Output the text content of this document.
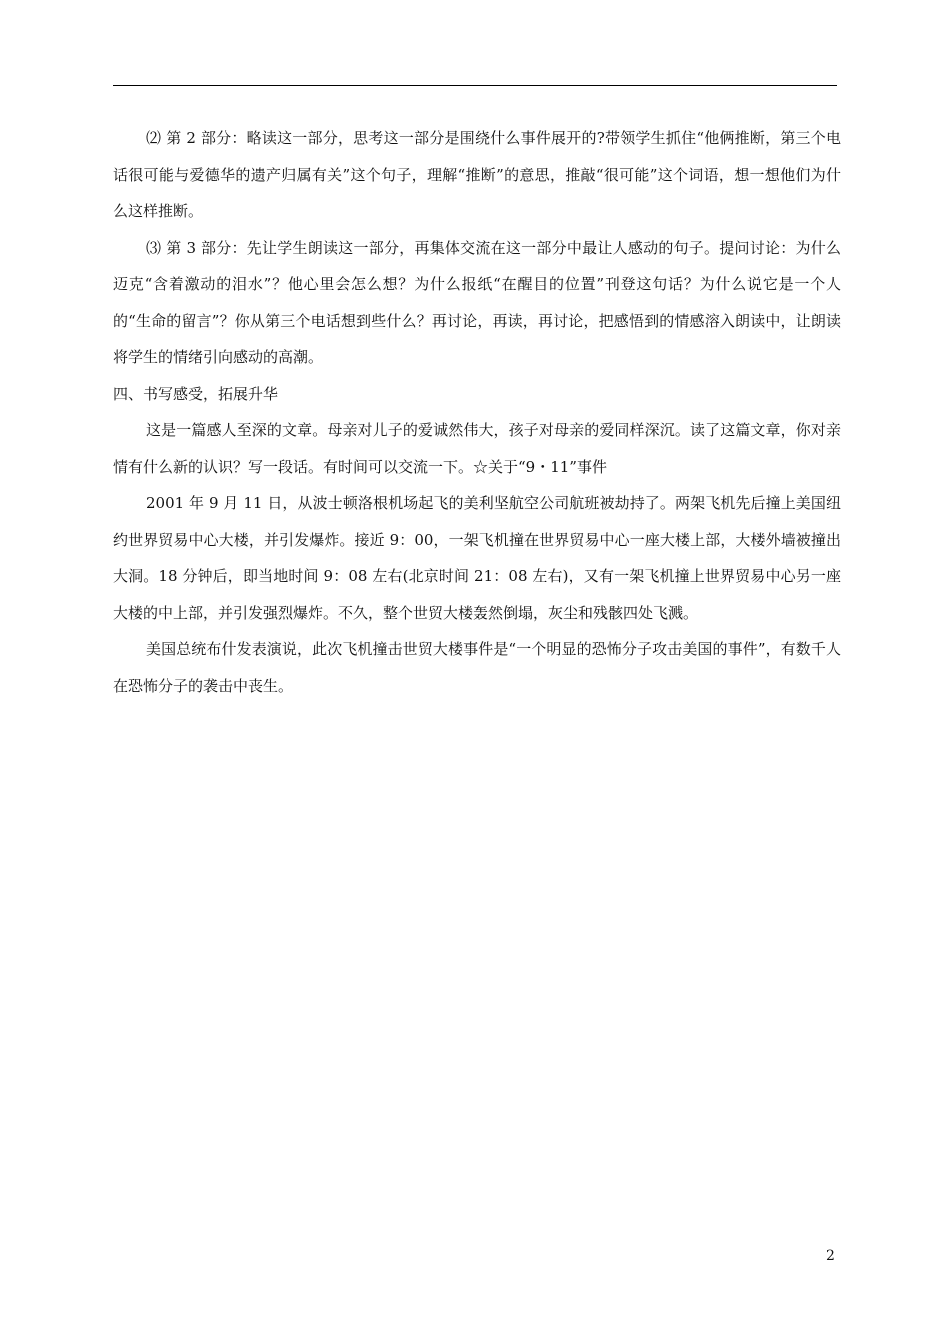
⑵ 第 2 部分：略读这一部分，思考这一部分是围绕什么事件展开的?带领学生抓住“他俩推断，第三个电话很可能与爱德华的遗产归属有关”这个句子，理解“推断”的意思，推敲“很可能”这个词语，想一想他们为什么这样推断。

⑶ 第 3 部分：先让学生朗读这一部分，再集体交流在这一部分中最让人感动的句子。提问讨论：为什么迈克“含着激动的泪水”？他心里会怎么想？为什么报纸“在醒目的位置”刊登这句话？为什么说它是一个人的“生命的留言”？你从第三个电话想到些什么？再讨论，再读，再讨论，把感悟到的情感溶入朗读中，让朗读将学生的情绪引向感动的高潮。

四、书写感受，拓展升华

这是一篇感人至深的文章。母亲对儿子的爱诚然伟大，孩子对母亲的爱同样深沉。读了这篇文章，你对亲情有什么新的认识？写一段话。有时间可以交流一下。☆关于“9・11”事件

2001 年 9 月 11 日，从波士顿洛根机场起飞的美利坚航空公司航班被劫持了。两架飞机先后撞上美国纽约世界贸易中心大楼，并引发爆炸。接近 9：00，一架飞机撞在世界贸易中心一座大楼上部，大楼外墙被撞出大洞。18 分钟后，即当地时间 9：08 左右(北京时间 21：08 左右)，又有一架飞机撞上世界贸易中心另一座大楼的中上部，并引发强烈爆炸。不久，整个世贸大楼轰然倒塌，灰尘和残骸四处飞溅。

美国总统布什发表演说，此次飞机撞击世贸大楼事件是“一个明显的恐怖分子攻击美国的事件”，有数千人在恐怖分子的袭击中丧生。

2
